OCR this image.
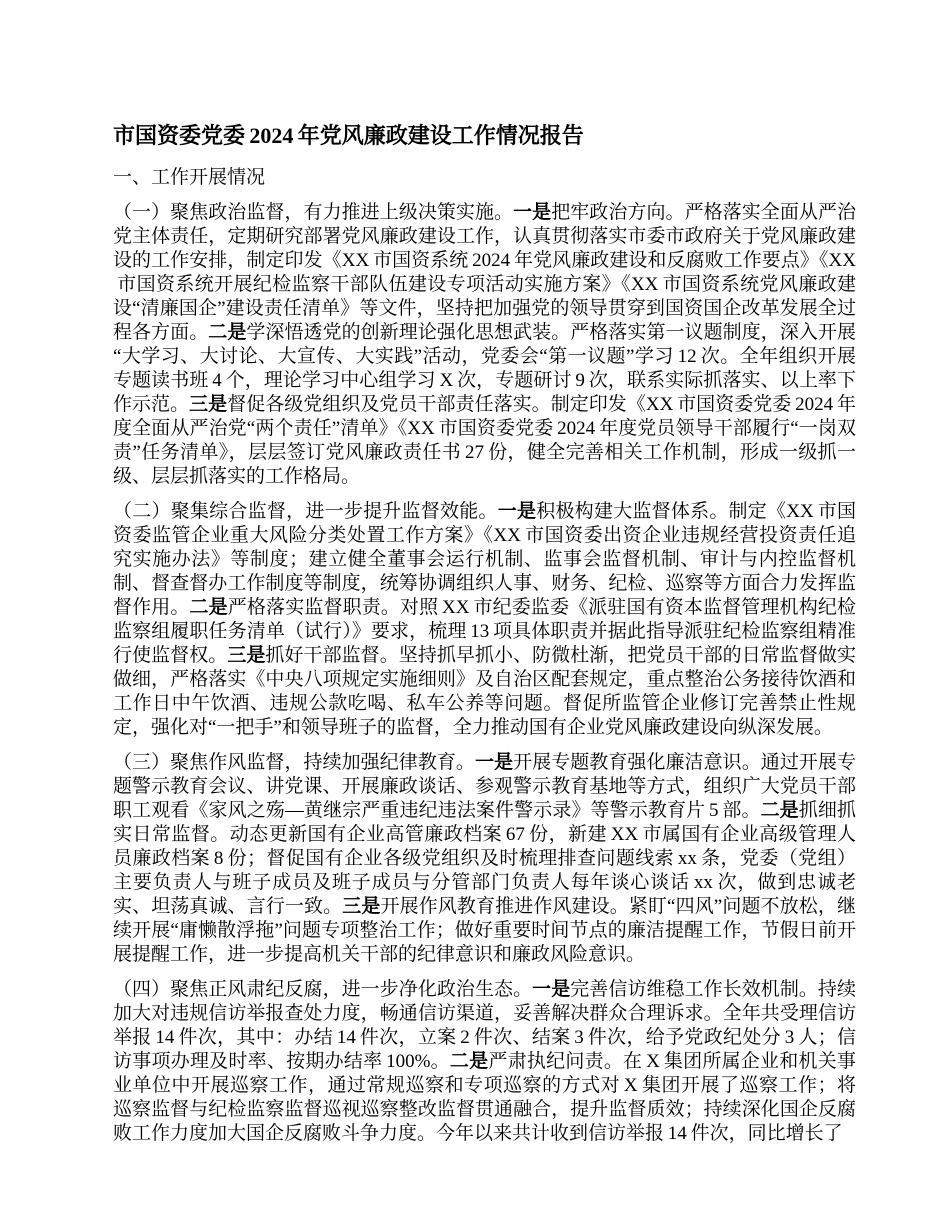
市国资委党委 2024 年党风廉政建设工作情况报告
一、工作开展情况

（一）聚焦政治监督，有力推进上级决策实施。一是把牢政治方向。严格落实全面从严治党主体责任，定期研究部署党风廉政建设工作，认真贯彻落实市委市政府关于党风廉政建设的工作安排，制定印发《XX 市国资系统 2024 年党风廉政建设和反腐败工作要点》《XX 市国资系统开展纪检监察干部队伍建设专项活动实施方案》《XX 市国资系统党风廉政建设“清廉国企”建设责任清单》等文件，坚持把加强党的领导贯穿到国资国企改革发展全过程各方面。二是学深悟透党的创新理论强化思想武装。严格落实第一议题制度，深入开展“大学习、大讨论、大宣传、大实践”活动，党委会“第一议题”学习 12 次。全年组织开展专题读书班 4 个，理论学习中心组学习 X 次，专题研讨 9 次，联系实际抓落实、以上率下作示范。三是督促各级党组织及党员干部责任落实。制定印发《XX 市国资委党委 2024 年度全面从严治党“两个责任”清单》《XX 市国资委党委 2024 年度党员领导干部履行“一岗双责”任务清单》，层层签订党风廉政责任书 27 份，健全完善相关工作机制，形成一级抓一级、层层抓落实的工作格局。

（二）聚集综合监督，进一步提升监督效能。一是积极构建大监督体系。制定《XX 市国资委监管企业重大风险分类处置工作方案》《XX 市国资委出资企业违规经营投资责任追究实施办法》等制度；建立健全董事会运行机制、监事会监督机制、审计与内控监督机制、督查督办工作制度等制度，统筹协调组织人事、财务、纪检、巡察等方面合力发挥监督作用。二是严格落实监督职责。对照 XX 市纪委监委《派驻国有资本监督管理机构纪检监察组履职任务清单（试行）》要求，梳理 13 项具体职责并据此指导派驻纪检监察组精准行使监督权。三是抓好干部监督。坚持抓早抓小、防微杜渐，把党员干部的日常监督做实做细，严格落实《中央八项规定实施细则》及自治区配套规定，重点整治公务接待饮酒和工作日中午饮酒、违规公款吃喝、私车公养等问题。督促所监管企业修订完善禁止性规定，强化对“一把手”和领导班子的监督，全力推动国有企业党风廉政建设向纵深发展。

（三）聚焦作风监督，持续加强纪律教育。一是开展专题教育强化廉洁意识。通过开展专题警示教育会议、讲党课、开展廉政谈话、参观警示教育基地等方式，组织广大党员干部职工观看《家风之殇—黄继宗严重违纪违法案件警示录》等警示教育片 5 部。二是抓细抓实日常监督。动态更新国有企业高管廉政档案 67 份，新建 XX 市属国有企业高级管理人员廉政档案 8 份；督促国有企业各级党组织及时梳理排查问题线索 xx 条，党委（党组）主要负责人与班子成员及班子成员与分管部门负责人每年谈心谈话 xx 次，做到忠诚老实、坦荡真诚、言行一致。三是开展作风教育推进作风建设。紧盯“四风”问题不放松，继续开展“庸懒散浮拖”问题专项整治工作；做好重要时间节点的廉洁提醒工作，节假日前开展提醒工作，进一步提高机关干部的纪律意识和廉政风险意识。

（四）聚焦正风肃纪反腐，进一步净化政治生态。一是完善信访维稳工作长效机制。持续加大对违规信访举报查处力度，畅通信访渠道，妥善解决群众合理诉求。全年共受理信访举报 14 件次，其中：办结 14 件次，立案 2 件次、结案 3 件次，给予党政纪处分 3 人；信访事项办理及时率、按期办结率 100%。二是严肃执纪问责。在 X 集团所属企业和机关事业单位中开展巡察工作，通过常规巡察和专项巡察的方式对 X 集团开展了巡察工作；将巡察监督与纪检监察监督巡视巡察整改监督贯通融合，提升监督质效；持续深化国企反腐败工作力度加大国企反腐败斗争力度。今年以来共计收到信访举报 14 件次，同比增长了
